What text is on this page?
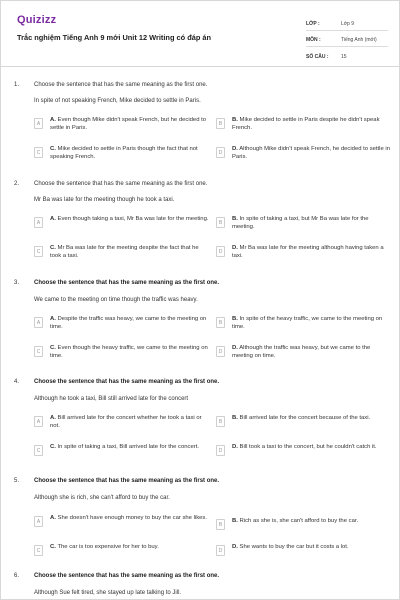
Quizizz
Trắc nghiệm Tiếng Anh 9 mới Unit 12 Writing có đáp án
LỚP :	Lớp 9
MÔN :	Tiếng Anh (mới)
SỐ CÂU :	15
1. Choose the sentence that has the same meaning as the first one.
In spite of not speaking French, Mike decided to settle in Paris.
A
A. Even though Mike didn't speak French, but he decided to settle in Paris.
B
B. Mike decided to settle in Paris despite he didn't speak French.
C
C. Mike decided to settle in Paris though the fact that not speaking French.
D
D. Although Mike didn't speak French, he decided to settle in Paris.
2. Choose the sentence that has the same meaning as the first one.
Mr Ba was late for the meeting though he took a taxi.
A
A. Even though taking a taxi, Mr Ba was late for the meeting.
B
B. In spite of taking a taxi, but Mr Ba was late for the meeting.
C
C. Mr Ba was late for the meeting despite the fact that he took a taxi.
D
D. Mr Ba was late for the meeting although having taken a taxi.
3. Choose the sentence that has the same meaning as the first one.
We came to the meeting on time though the traffic was heavy.
A
A. Despite the traffic was heavy, we came to the meeting on time.
B
B. In spite of the heavy traffic, we came to the meeting on time.
C
C. Even though the heavy traffic, we came to the meeting on time.
D
D. Although the traffic was heavy, but we came to the meeting on time.
4. Choose the sentence that has the same meaning as the first one.
Although he took a taxi, Bill still arrived late for the concert
A
A. Bill arrived late for the concert whether he took a taxi or not.
B
B. Bill arrived late for the concert because of the taxi.
C
C. In spite of taking a taxi, Bill arrived late for the concert.
D
D. Bill took a taxi to the concert, but he couldn't catch it.
5. Choose the sentence that has the same meaning as the first one.
Although she is rich, she can't afford to buy the car.
A
A. She doesn't have enough money to buy the car she likes.
B
B. Rich as she is, she can't afford to buy the car.
C
C. The car is too expensive for her to buy.
D
D. She wants to buy the car but it costs a lot.
6. Choose the sentence that has the same meaning as the first one.
Although Sue felt tired, she stayed up late talking to Jill.
